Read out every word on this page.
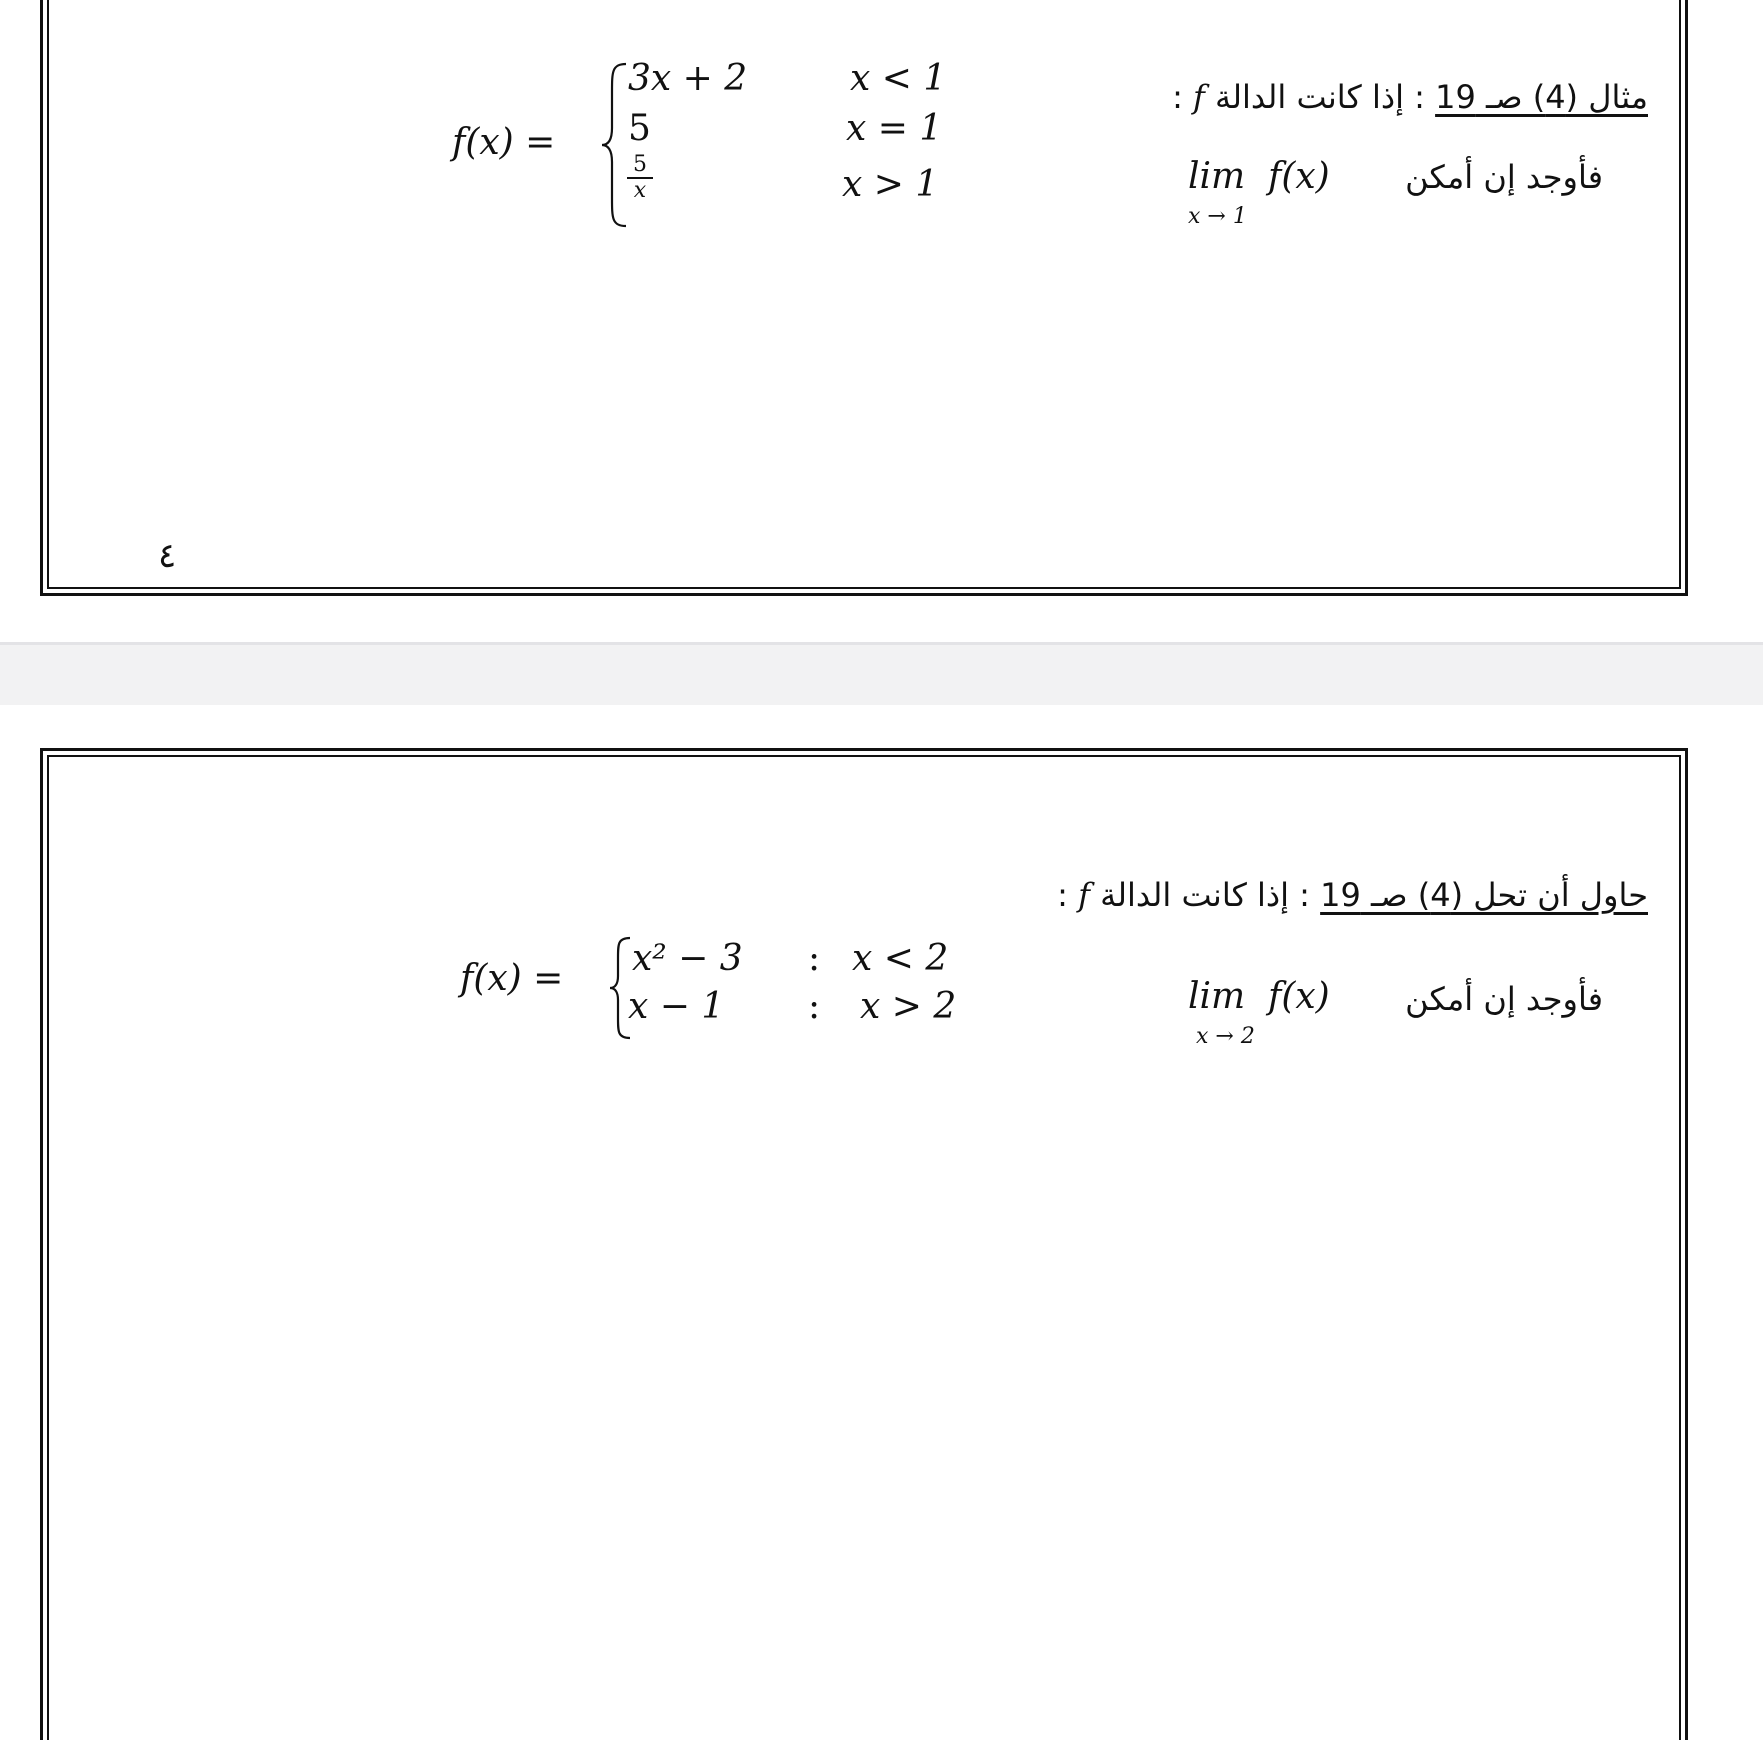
مثال (4) صـ 19 : إذا كانت الدالة f :
فأوجد إن أمكن
lim f(x)
x → 1
f(x) =
3x + 2	x < 1
5	x = 1
$\frac{5}{x}$	x > 1
٤
حاول أن تحل (4) صـ 19 : إذا كانت الدالة f :
فأوجد إن أمكن
lim f(x)
x → 2
f(x) = x² − 3 : x < 2
x − 1 : x > 2
